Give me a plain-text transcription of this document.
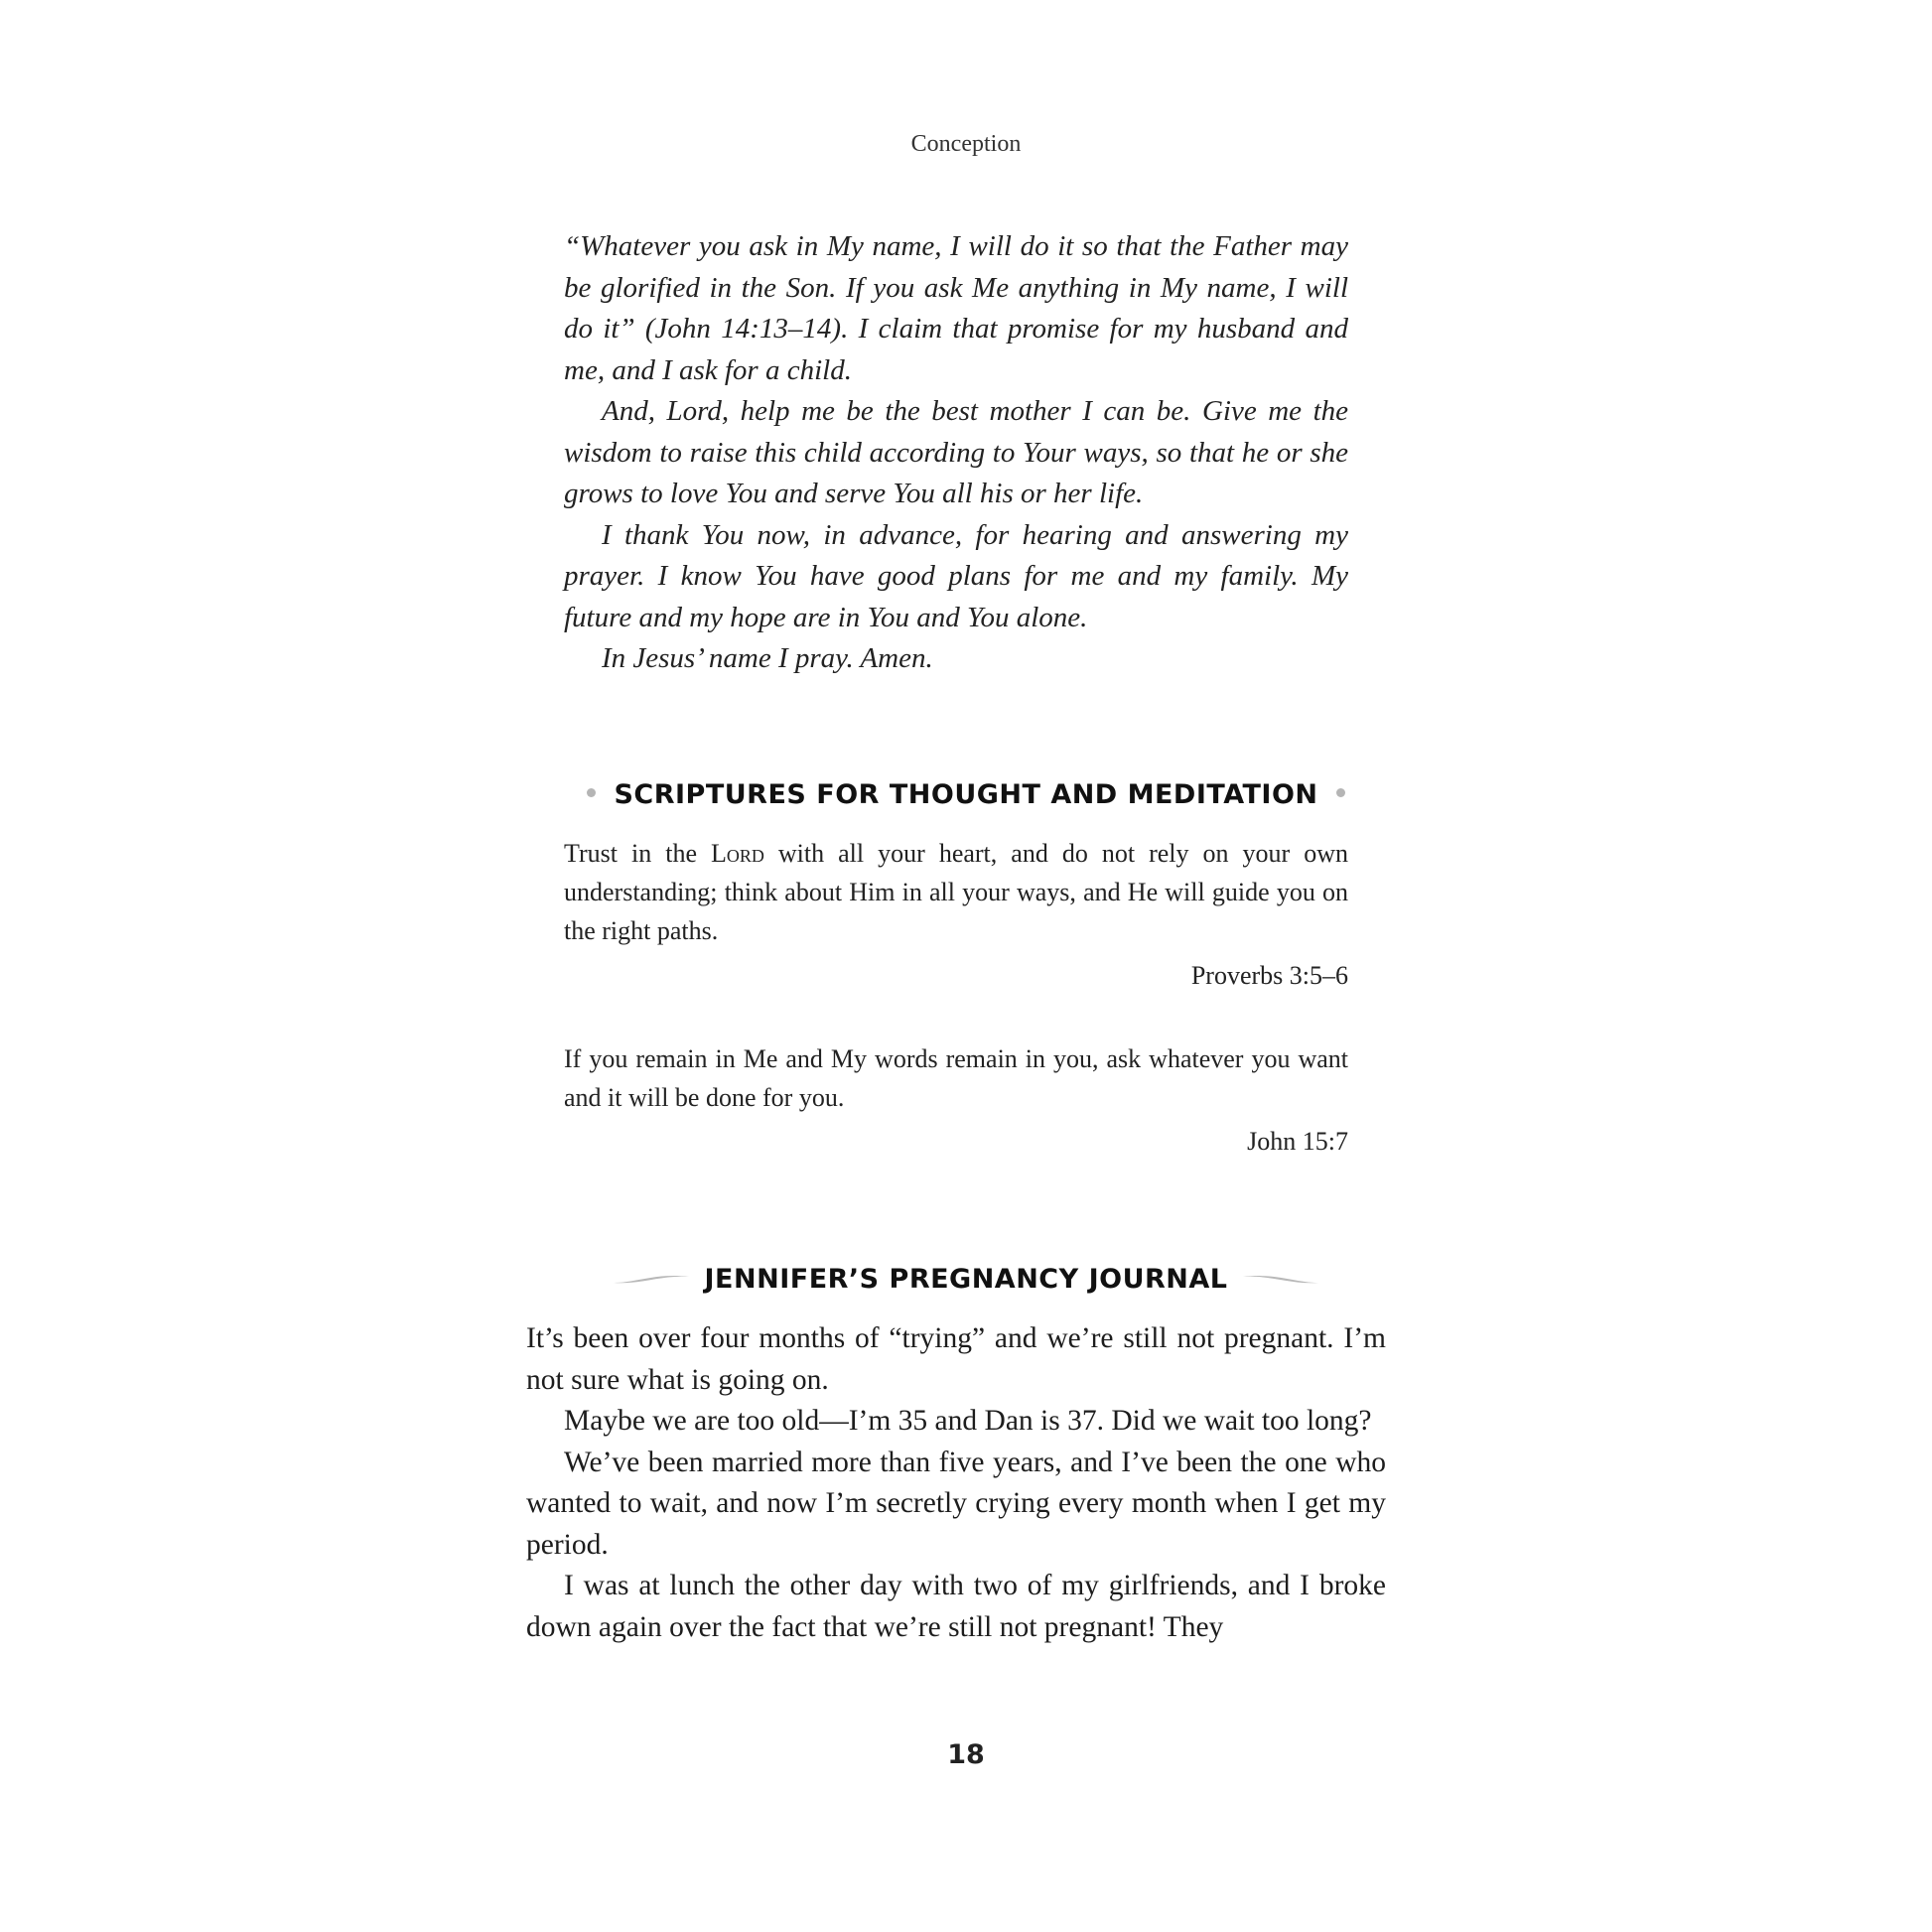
Conception

“Whatever you ask in My name, I will do it so that the Father may be glorified in the Son. If you ask Me anything in My name, I will do it” (John 14:13–14). I claim that promise for my husband and me, and I ask for a child.

And, Lord, help me be the best mother I can be. Give me the wisdom to raise this child according to Your ways, so that he or she grows to love You and serve You all his or her life.

I thank You now, in advance, for hearing and answering my prayer. I know You have good plans for me and my family. My future and my hope are in You and You alone.

In Jesus’ name I pray. Amen.

SCRIPTURES FOR THOUGHT AND MEDITATION

Trust in the Lord with all your heart, and do not rely on your own understanding; think about Him in all your ways, and He will guide you on the right paths.

Proverbs 3:5–6

If you remain in Me and My words remain in you, ask whatever you want and it will be done for you.

John 15:7
JENNIFER’S PREGNANCY JOURNAL

It’s been over four months of “trying” and we’re still not pregnant. I’m not sure what is going on.

Maybe we are too old—I’m 35 and Dan is 37. Did we wait too long?

We’ve been married more than five years, and I’ve been the one who wanted to wait, and now I’m secretly crying every month when I get my period.

I was at lunch the other day with two of my girlfriends, and I broke down again over the fact that we’re still not pregnant! They

18
